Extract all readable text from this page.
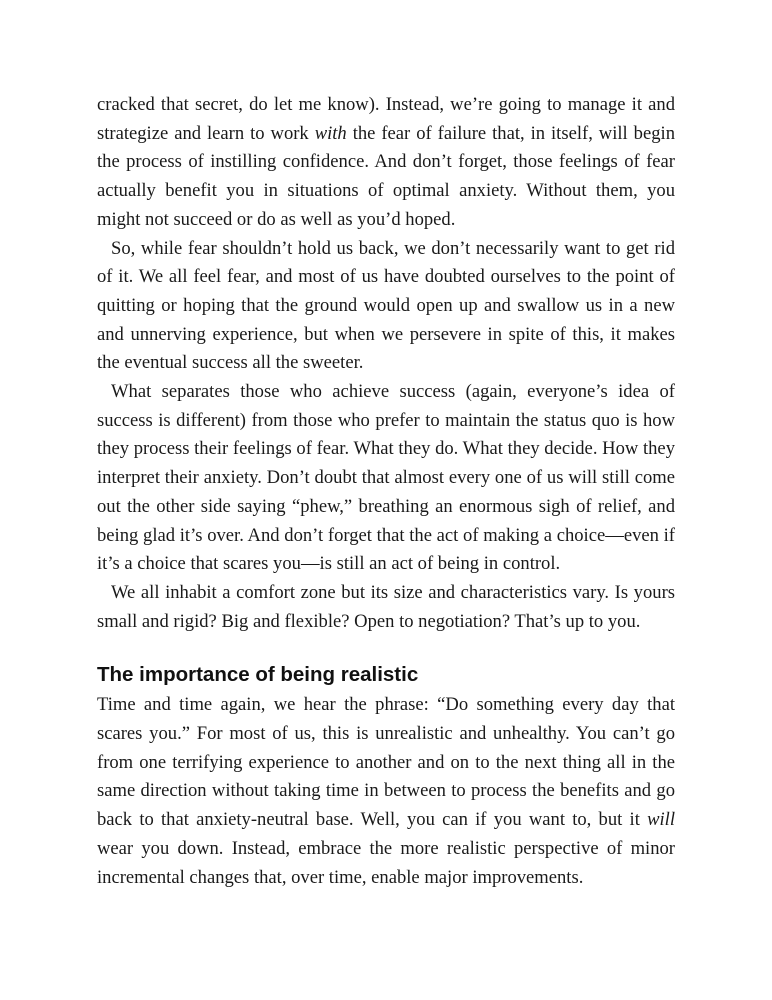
cracked that secret, do let me know). Instead, we’re going to manage it and strategize and learn to work with the fear of failure that, in itself, will begin the process of instilling confidence. And don’t forget, those feelings of fear actually benefit you in situations of optimal anxiety. Without them, you might not succeed or do as well as you’d hoped.

So, while fear shouldn’t hold us back, we don’t necessarily want to get rid of it. We all feel fear, and most of us have doubted ourselves to the point of quitting or hoping that the ground would open up and swallow us in a new and unnerving experience, but when we persevere in spite of this, it makes the eventual success all the sweeter.

What separates those who achieve success (again, everyone’s idea of success is different) from those who prefer to maintain the status quo is how they process their feelings of fear. What they do. What they decide. How they interpret their anxiety. Don’t doubt that almost every one of us will still come out the other side saying “phew,” breathing an enormous sigh of relief, and being glad it’s over. And don’t forget that the act of making a choice—even if it’s a choice that scares you—is still an act of being in control.

We all inhabit a comfort zone but its size and characteristics vary. Is yours small and rigid? Big and flexible? Open to negotiation? That’s up to you.

The importance of being realistic

Time and time again, we hear the phrase: “Do something every day that scares you.” For most of us, this is unrealistic and unhealthy. You can’t go from one terrifying experience to another and on to the next thing all in the same direction without taking time in between to process the benefits and go back to that anxiety-neutral base. Well, you can if you want to, but it will wear you down. Instead, embrace the more realistic perspective of minor incremental changes that, over time, enable major improvements.
